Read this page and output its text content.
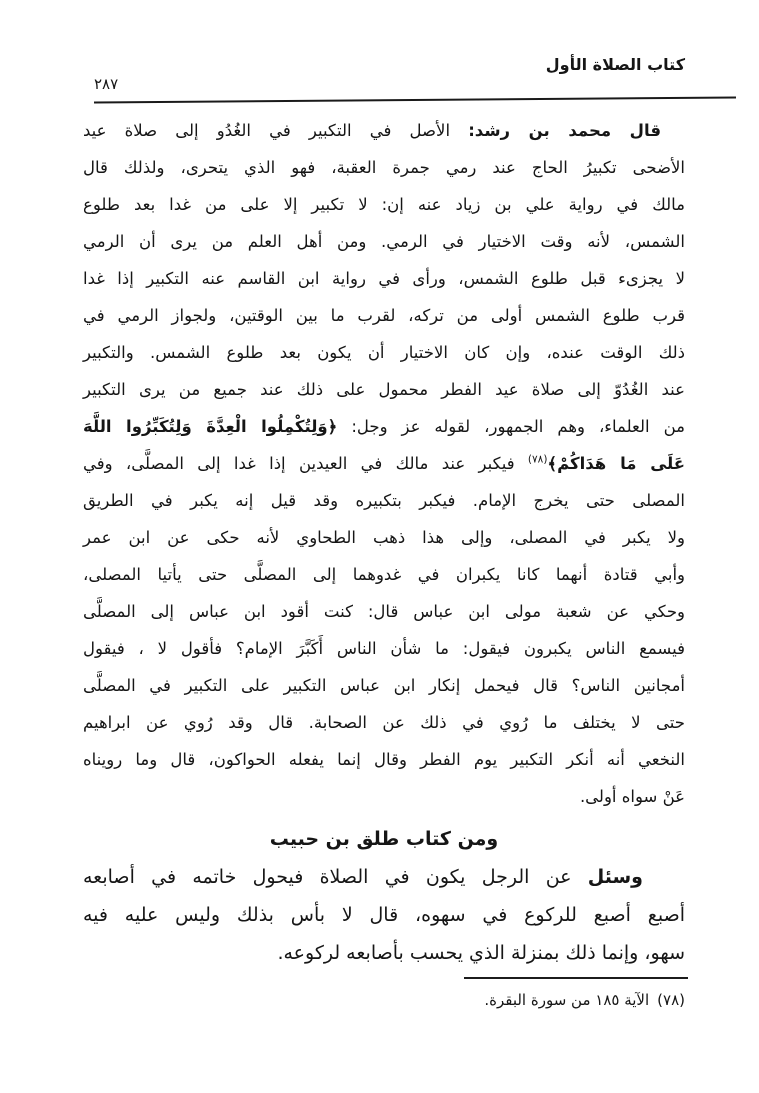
كتاب الصلاة الأول
٢٨٧
قال محمد بن رشد: الأصل في التكبير في الغُدُو إلى صلاة عيد
الأضحى تكبيرُ الحاج عند رمي جمرة العقبة، فهو الذي يتحرى، ولذلك قال
مالك في رواية علي بن زياد عنه إن: لا تكبير إلا على من غدا بعد طلوع
الشمس، لأنه وقت الاختيار في الرمي. ومن أهل العلم من يرى أن الرمي
لا يجزىء قبل طلوع الشمس، ورأى في رواية ابن القاسم عنه التكبير إذا غدا
قرب طلوع الشمس أولى من تركه، لقرب ما بين الوقتين، ولجواز الرمي في
ذلك الوقت عنده، وإن كان الاختيار أن يكون بعد طلوع الشمس. والتكبير
عند الغُدُوّ إلى صلاة عيد الفطر محمول على ذلك عند جميع من يرى التكبير
من العلماء، وهم الجمهور، لقوله عز وجل: ﴿وَلِتُكْمِلُوا الْعِدَّةَ وَلِتُكَبِّرُوا اللَّهَ
عَلَى مَا هَدَاكُمْ﴾$^{(٧٨)}$ فيكبر عند مالك في العيدين إذا غدا إلى المصلَّى، وفي
المصلى حتى يخرج الإمام. فيكبر بتكبيره وقد قيل إنه يكبر في الطريق
ولا يكبر في المصلى، وإلى هذا ذهب الطحاوي لأنه حكى عن ابن عمر
وأبي قتادة أنهما كانا يكبران في غدوهما إلى المصلَّى حتى يأتيا المصلى،
وحكي عن شعبة مولى ابن عباس قال: كنت أقود ابن عباس إلى المصلَّى
فيسمع الناس يكبرون فيقول: ما شأن الناس أَكَبَّرَ الإمام؟ فأقول لا ، فيقول
أمجانين الناس؟ قال فيحمل إنكار ابن عباس التكبير على التكبير في المصلَّى
حتى لا يختلف ما رُوي في ذلك عن الصحابة. قال وقد رُوي عن ابراهيم
النخعي أنه أنكر التكبير يوم الفطر وقال إنما يفعله الحواكون، قال وما رويناه
عَنْ سواه أولى.
ومن كتاب طلق بن حبيب
وسئل عن الرجل يكون في الصلاة فيحول خاتمه في أصابعه
أصبع أصبع للركوع في سهوه، قال لا بأس بذلك وليس عليه فيه
سهو، وإنما ذلك بمنزلة الذي يحسب بأصابعه لركوعه.
(٧٨)الآية ١٨٥ من سورة البقرة.
